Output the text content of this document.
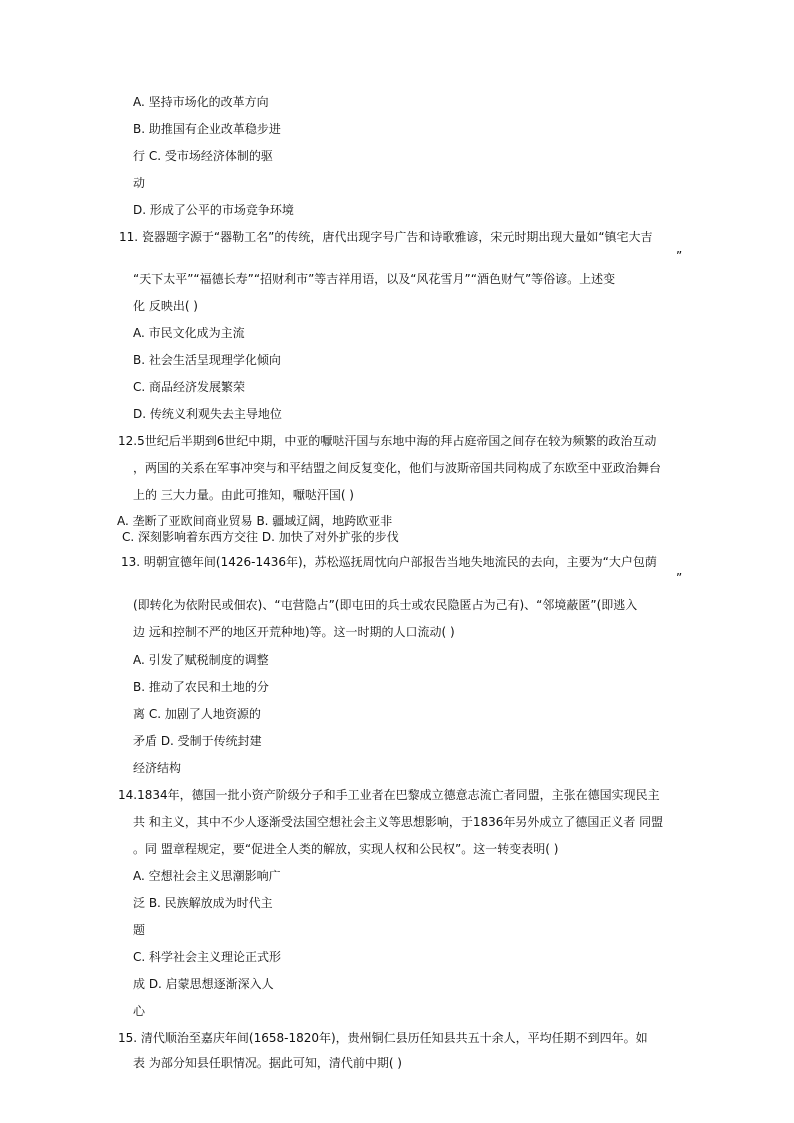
A. 坚持市场化的改革方向
B. 助推国有企业改革稳步进
行 C. 受市场经济体制的驱
动
D. 形成了公平的市场竞争环境
11. 瓷器题字源于“器勒工名”的传统，唐代出现字号广告和诗歌雅谚，宋元时期出现大量如“镇宅大吉
”
“天下太平”“福德长寿”“招财利市”等吉祥用语，以及“风花雪月”“酒色财气”等俗谚。上述变
化 反映出( )
A. 市民文化成为主流
B. 社会生活呈现理学化倾向
C. 商品经济发展繁荣
D. 传统义利观失去主导地位
12.5世纪后半期到6世纪中期，中亚的嚈哒汗国与东地中海的拜占庭帝国之间存在较为频繁的政治互动
，两国的关系在军事冲突与和平结盟之间反复变化，他们与波斯帝国共同构成了东欧至中亚政治舞台
上的 三大力量。由此可推知，嚈哒汗国( )
A. 垄断了亚欧间商业贸易 B. 疆域辽阔，地跨欧亚非
C. 深刻影响着东西方交往 D. 加快了对外扩张的步伐
13. 明朝宣德年间(1426-1436年)，苏松巡抚周忱向户部报告当地失地流民的去向，主要为“大户包荫
”
(即转化为依附民或佃农)、“屯营隐占”(即屯田的兵士或农民隐匿占为己有)、“邻境蔽匿”(即逃入
边 远和控制不严的地区开荒种地)等。这一时期的人口流动( )
A. 引发了赋税制度的调整
B. 推动了农民和土地的分
离 C. 加剧了人地资源的
矛盾 D. 受制于传统封建
经济结构
14.1834年，德国一批小资产阶级分子和手工业者在巴黎成立德意志流亡者同盟，主张在德国实现民主
共 和主义，其中不少人逐渐受法国空想社会主义等思想影响，于1836年另外成立了德国正义者 同盟
。同 盟章程规定，要“促进全人类的解放，实现人权和公民权”。这一转变表明( )
A. 空想社会主义思潮影响广
泛 B. 民族解放成为时代主
题
C. 科学社会主义理论正式形
成 D. 启蒙思想逐渐深入人
心
15. 清代顺治至嘉庆年间(1658-1820年)，贵州铜仁县历任知县共五十余人，平均任期不到四年。如
表 为部分知县任职情况。据此可知，清代前中期( )
